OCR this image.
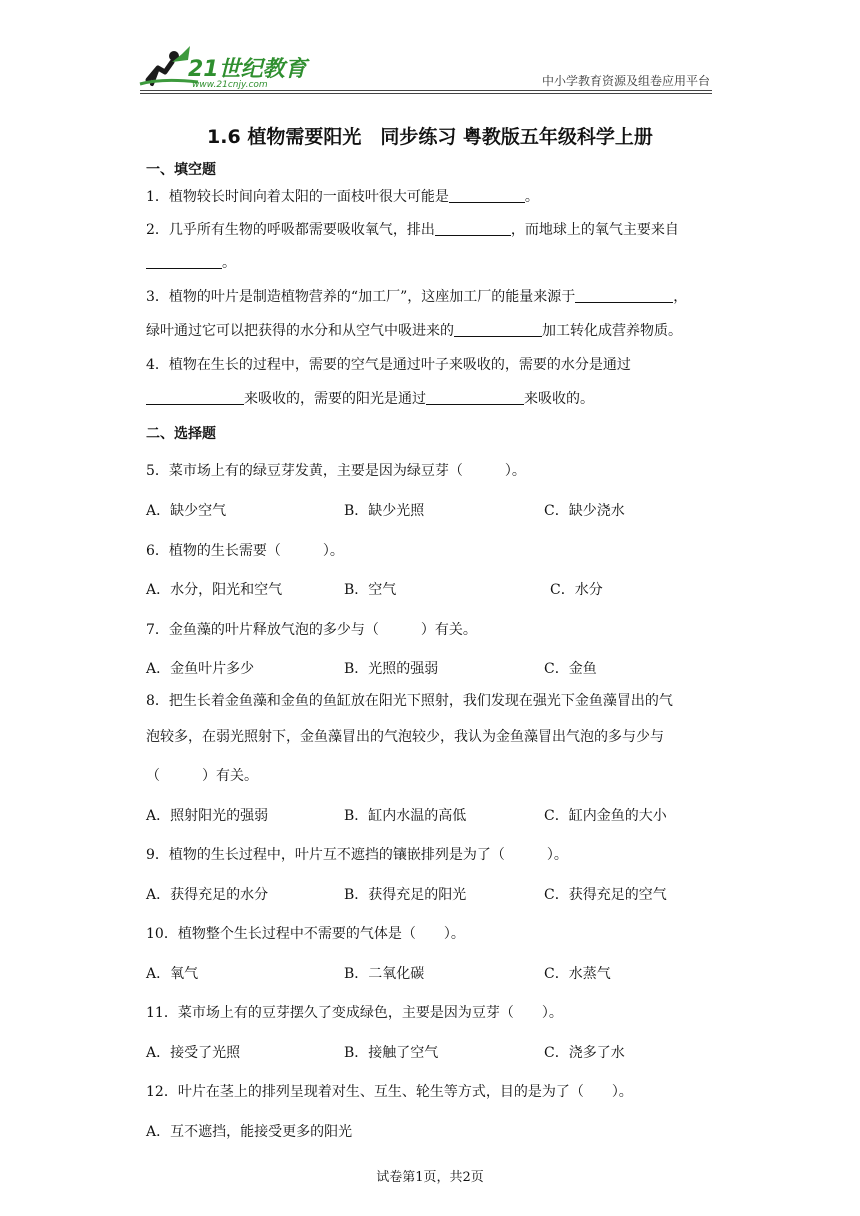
21世纪教育
www.21cnjy.com	中小学教育资源及组卷应用平台
1.6 植物需要阳光　同步练习 粤教版五年级科学上册
一、填空题
1．植物较长时间向着太阳的一面枝叶很大可能是	。
2．几乎所有生物的呼吸都需要吸收氧气，排出	，而地球上的氧气主要来自
。
3．植物的叶片是制造植物营养的“加工厂”，这座加工厂的能量来源于	，
绿叶通过它可以把获得的水分和从空气中吸进来的	加工转化成营养物质。
4．植物在生长的过程中，需要的空气是通过叶子来吸收的，需要的水分是通过
来吸收的，需要的阳光是通过	来吸收的。
二、选择题
5．菜市场上有的绿豆芽发黄，主要是因为绿豆芽（　　　）。
A．缺少空气	B．缺少光照	C．缺少浇水
6．植物的生长需要（　　　）。
A．水分，阳光和空气	B．空气	C．水分
7．金鱼藻的叶片释放气泡的多少与（　　　）有关。
A．金鱼叶片多少	B．光照的强弱	C．金鱼
8．把生长着金鱼藻和金鱼的鱼缸放在阳光下照射，我们发现在强光下金鱼藻冒出的气
泡较多，在弱光照射下，金鱼藻冒出的气泡较少，我认为金鱼藻冒出气泡的多与少与
（　　　）有关。
A．照射阳光的强弱	B．缸内水温的高低	C．缸内金鱼的大小
9．植物的生长过程中，叶片互不遮挡的镶嵌排列是为了（　　　）。
A．获得充足的水分	B．获得充足的阳光	C．获得充足的空气
10．植物整个生长过程中不需要的气体是（　　）。
A．氧气	B．二氧化碳	C．水蒸气
11．菜市场上有的豆芽摆久了变成绿色，主要是因为豆芽（　　）。
A．接受了光照	B．接触了空气	C．浇多了水
12．叶片在茎上的排列呈现着对生、互生、轮生等方式，目的是为了（　　）。
A．互不遮挡，能接受更多的阳光
试卷第1页，共2页
